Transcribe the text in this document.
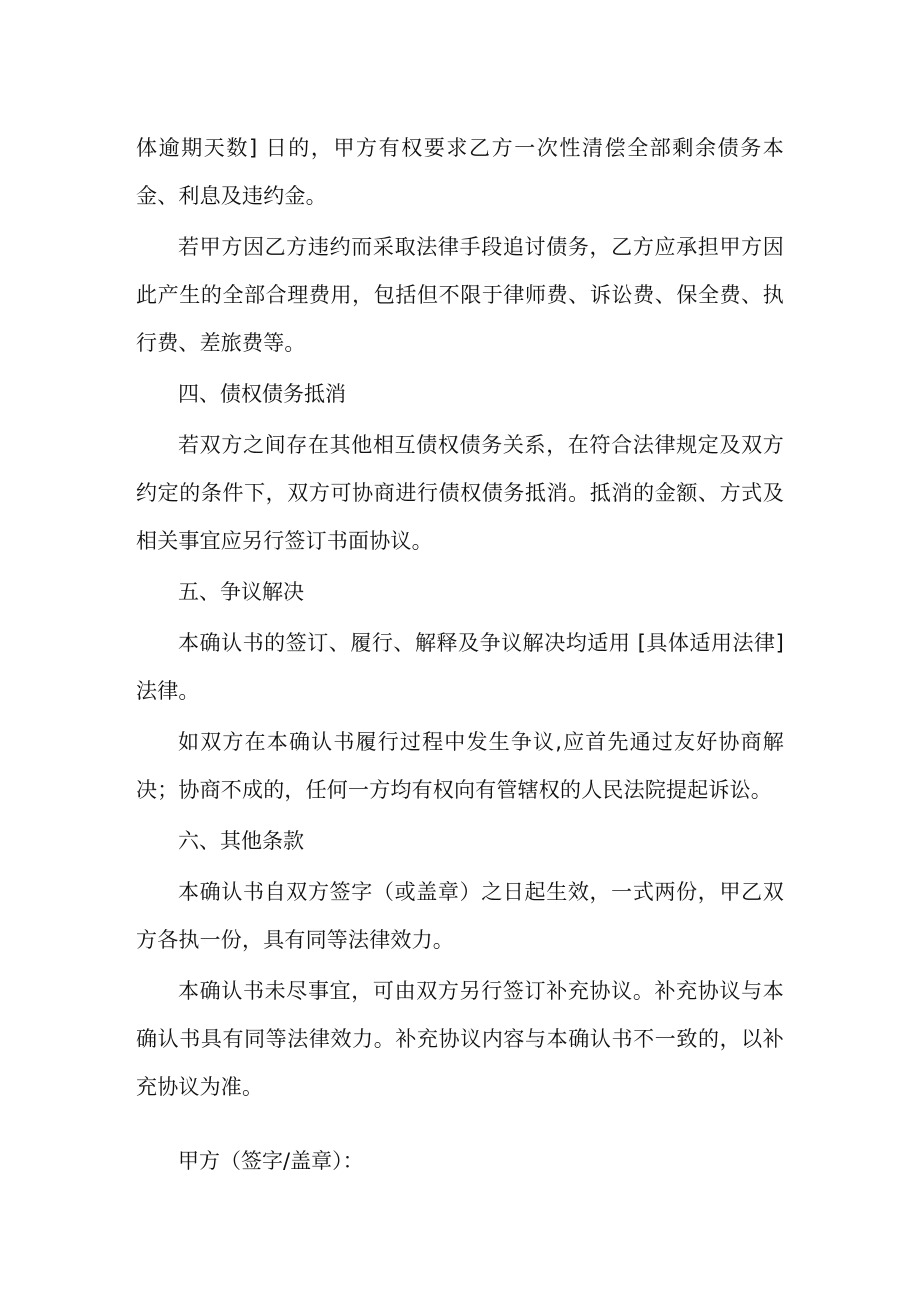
体逾期天数] 日的，甲方有权要求乙方一次性清偿全部剩余债务本金、利息及违约金。

若甲方因乙方违约而采取法律手段追讨债务，乙方应承担甲方因此产生的全部合理费用，包括但不限于律师费、诉讼费、保全费、执行费、差旅费等。

四、债权债务抵消

若双方之间存在其他相互债权债务关系，在符合法律规定及双方约定的条件下，双方可协商进行债权债务抵消。抵消的金额、方式及相关事宜应另行签订书面协议。

五、争议解决

本确认书的签订、履行、解释及争议解决均适用 [具体适用法律] 法律。

如双方在本确认书履行过程中发生争议,应首先通过友好协商解决；协商不成的，任何一方均有权向有管辖权的人民法院提起诉讼。

六、其他条款

本确认书自双方签字（或盖章）之日起生效，一式两份，甲乙双方各执一份，具有同等法律效力。

本确认书未尽事宜，可由双方另行签订补充协议。补充协议与本确认书具有同等法律效力。补充协议内容与本确认书不一致的，以补充协议为准。

甲方（签字/盖章）：
